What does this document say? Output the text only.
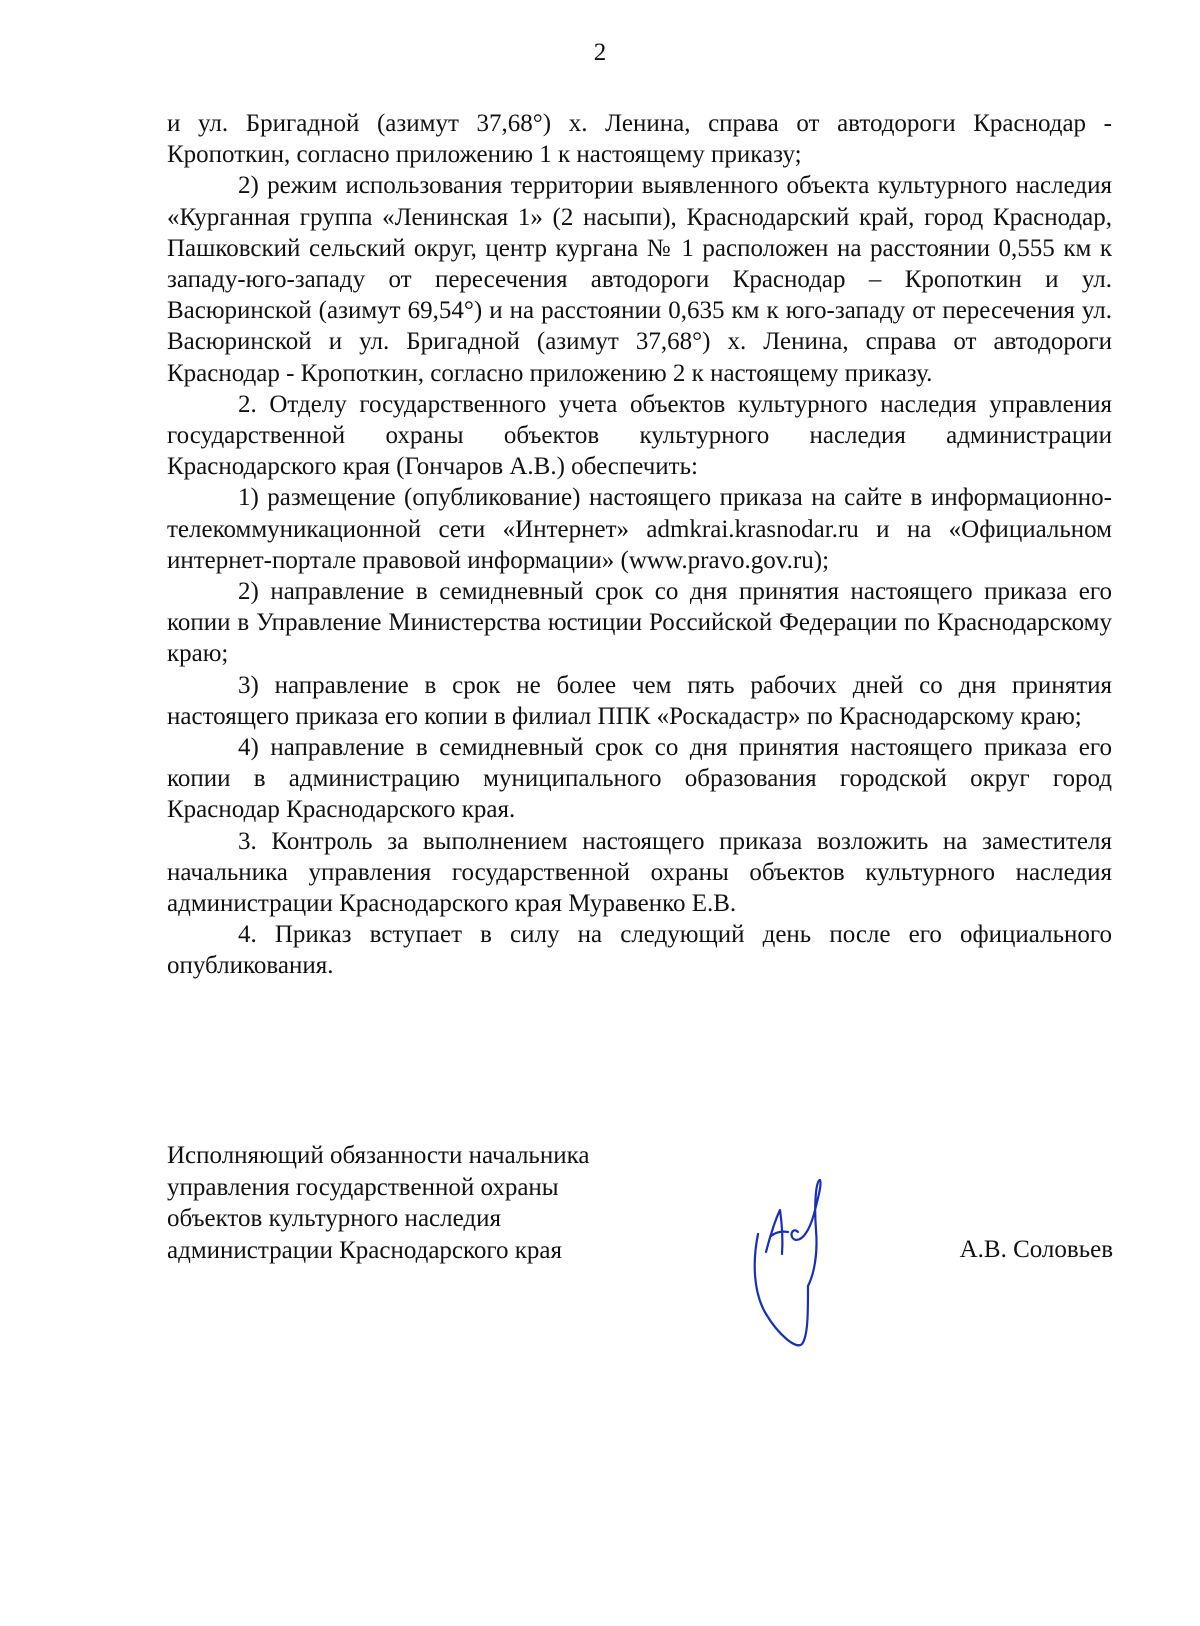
2

и ул. Бригадной (азимут 37,68°) х. Ленина, справа от автодороги Краснодар - Кропоткин, согласно приложению 1 к настоящему приказу;

2) режим использования территории выявленного объекта культурного наследия «Курганная группа «Ленинская 1» (2 насыпи), Краснодарский край, город Краснодар, Пашковский сельский округ, центр кургана № 1 расположен на расстоянии 0,555 км к западу-юго-западу от пересечения автодороги Краснодар – Кропоткин и ул. Васюринской (азимут 69,54°) и на расстоянии 0,635 км к юго-западу от пересечения ул. Васюринской и ул. Бригадной (азимут 37,68°) х. Ленина, справа от автодороги Краснодар - Кропоткин, согласно приложению 2 к настоящему приказу.

2. Отделу государственного учета объектов культурного наследия управления государственной охраны объектов культурного наследия администрации Краснодарского края (Гончаров А.В.) обеспечить:

1) размещение (опубликование) настоящего приказа на сайте в информационно-телекоммуникационной сети «Интернет» admkrai.krasnodar.ru и на «Официальном интернет-портале правовой информации» (www.pravo.gov.ru);

2) направление в семидневный срок со дня принятия настоящего приказа его копии в Управление Министерства юстиции Российской Федерации по Краснодарскому краю;

3) направление в срок не более чем пять рабочих дней со дня принятия настоящего приказа его копии в филиал ППК «Роскадастр» по Краснодарскому краю;

4) направление в семидневный срок со дня принятия настоящего приказа его копии в администрацию муниципального образования городской округ город Краснодар Краснодарского края.

3. Контроль за выполнением настоящего приказа возложить на заместителя начальника управления государственной охраны объектов культурного наследия администрации Краснодарского края Муравенко Е.В.

4. Приказ вступает в силу на следующий день после его официального опубликования.

Исполняющий обязанности начальника
управления государственной охраны
объектов культурного наследия
администрации Краснодарского края	А.В. Соловьев
